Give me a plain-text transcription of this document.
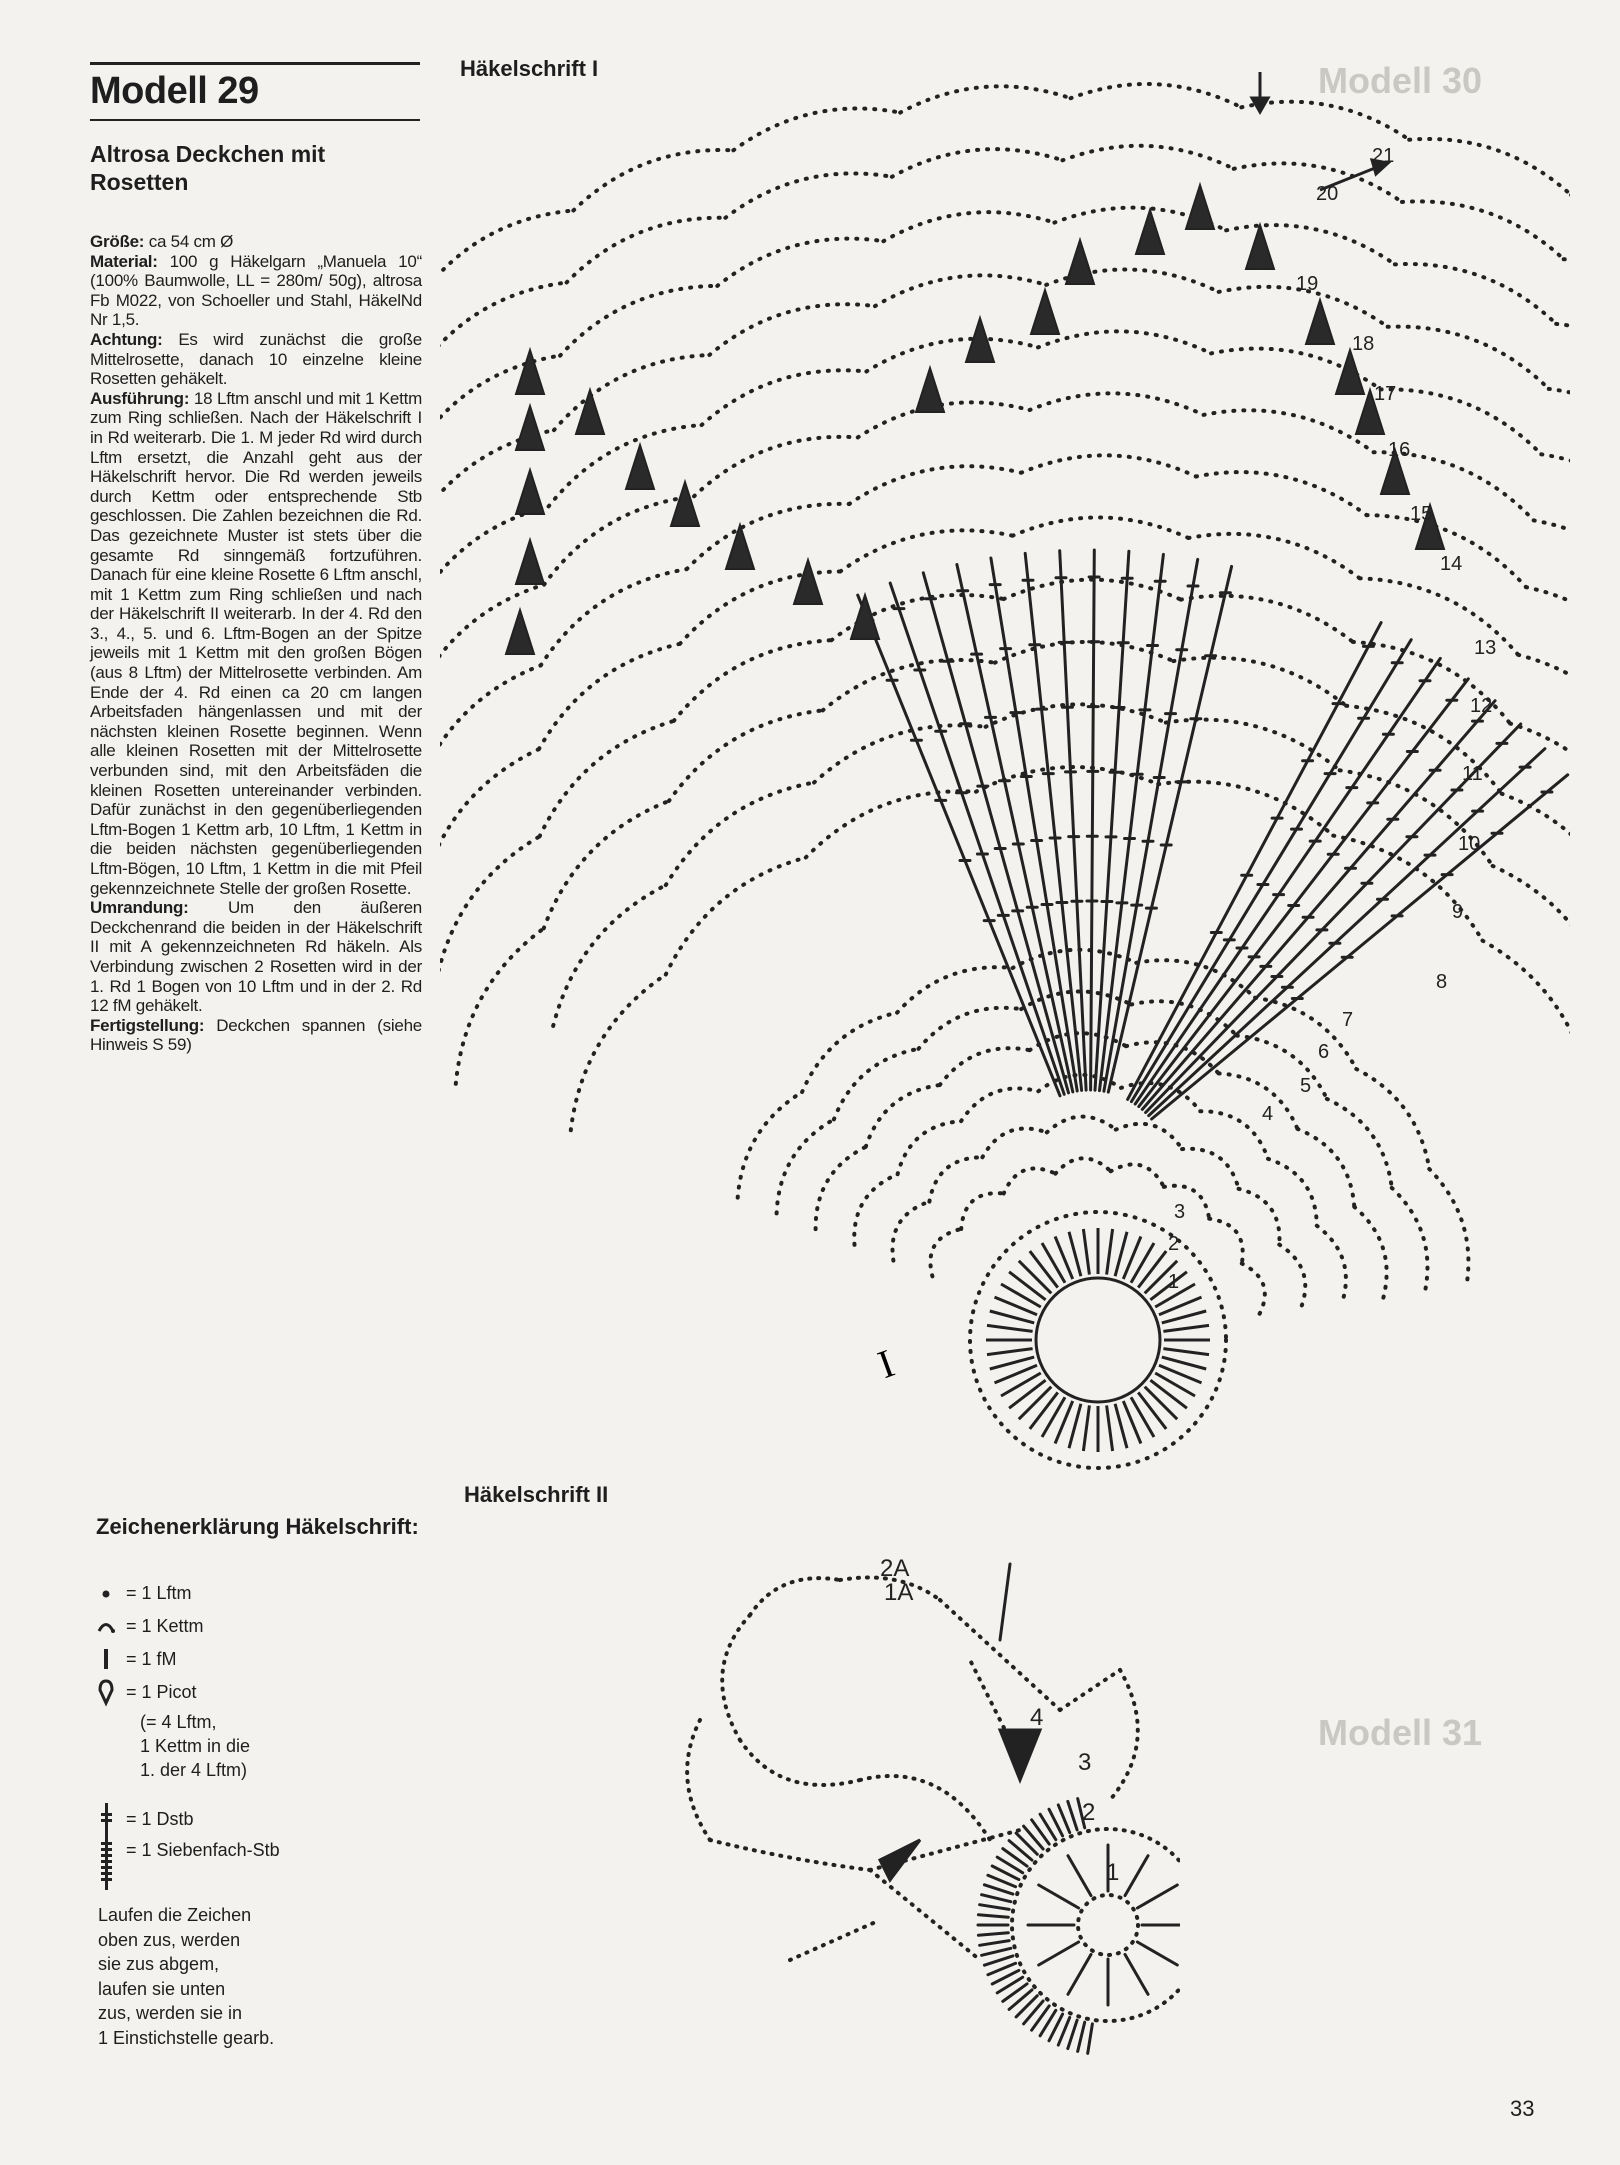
Modell 29
Altrosa Deckchen mit Rosetten

Größe: ca 54 cm Ø

Material: 100 g Häkelgarn „Manuela 10“ (100% Baumwolle, LL = 280m/ 50g), altrosa Fb M022, von Schoeller und Stahl, HäkelNd Nr 1,5.

Achtung: Es wird zunächst die große Mittelrosette, danach 10 einzelne kleine Rosetten gehäkelt.

Ausführung: 18 Lftm anschl und mit 1 Kettm zum Ring schließen. Nach der Häkelschrift I in Rd weiterarb. Die 1. M jeder Rd wird durch Lftm ersetzt, die Anzahl geht aus der Häkelschrift hervor. Die Rd werden jeweils durch Kettm oder entsprechende Stb geschlossen. Die Zahlen bezeichnen die Rd. Das gezeichnete Muster ist stets über die gesamte Rd sinngemäß fortzuführen. Danach für eine kleine Rosette 6 Lftm anschl, mit 1 Kettm zum Ring schließen und nach der Häkelschrift II weiterarb. In der 4. Rd den 3., 4., 5. und 6. Lftm-Bogen an der Spitze jeweils mit 1 Kettm mit den großen Bögen (aus 8 Lftm) der Mittelrosette verbinden. Am Ende der 4. Rd einen ca 20 cm langen Arbeitsfaden hängenlassen und mit der nächsten kleinen Rosette beginnen. Wenn alle kleinen Rosetten mit der Mittelrosette verbunden sind, mit den Arbeitsfäden die kleinen Rosetten untereinander verbinden. Dafür zunächst in den gegenüberliegenden Lftm-Bogen 1 Kettm arb, 10 Lftm, 1 Kettm in die beiden nächsten gegenüberliegenden Lftm-Bögen, 10 Lftm, 1 Kettm in die mit Pfeil gekennzeichnete Stelle der großen Rosette.

Umrandung: Um den äußeren Deckchenrand die beiden in der Häkelschrift II mit A gekennzeichneten Rd häkeln. Als Verbindung zwischen 2 Rosetten wird in der 1. Rd 1 Bogen von 10 Lftm und in der 2. Rd 12 fM gehäkelt.

Fertigstellung: Deckchen spannen (siehe Hinweis S 59)

Modell 30
Modell 31
Häkelschrift I
Häkelschrift II
I
1
2
3
4
5
6
7
8
9
10
11
12
13
14
15
16
17
18
19
20
21
1
2
3
4
1A
2A
Zeichenerklärung Häkelschrift:
= 1 Lftm
= 1 Kettm
= 1 fM
= 1 Picot
(= 4 Lftm,
1 Kettm in die
1. der 4 Lftm)
= 1 Dstb
= 1 Siebenfach-Stb
Laufen die Zeichen
oben zus, werden
sie zus abgem,
laufen sie unten
zus, werden sie in
1 Einstichstelle gearb.
33
